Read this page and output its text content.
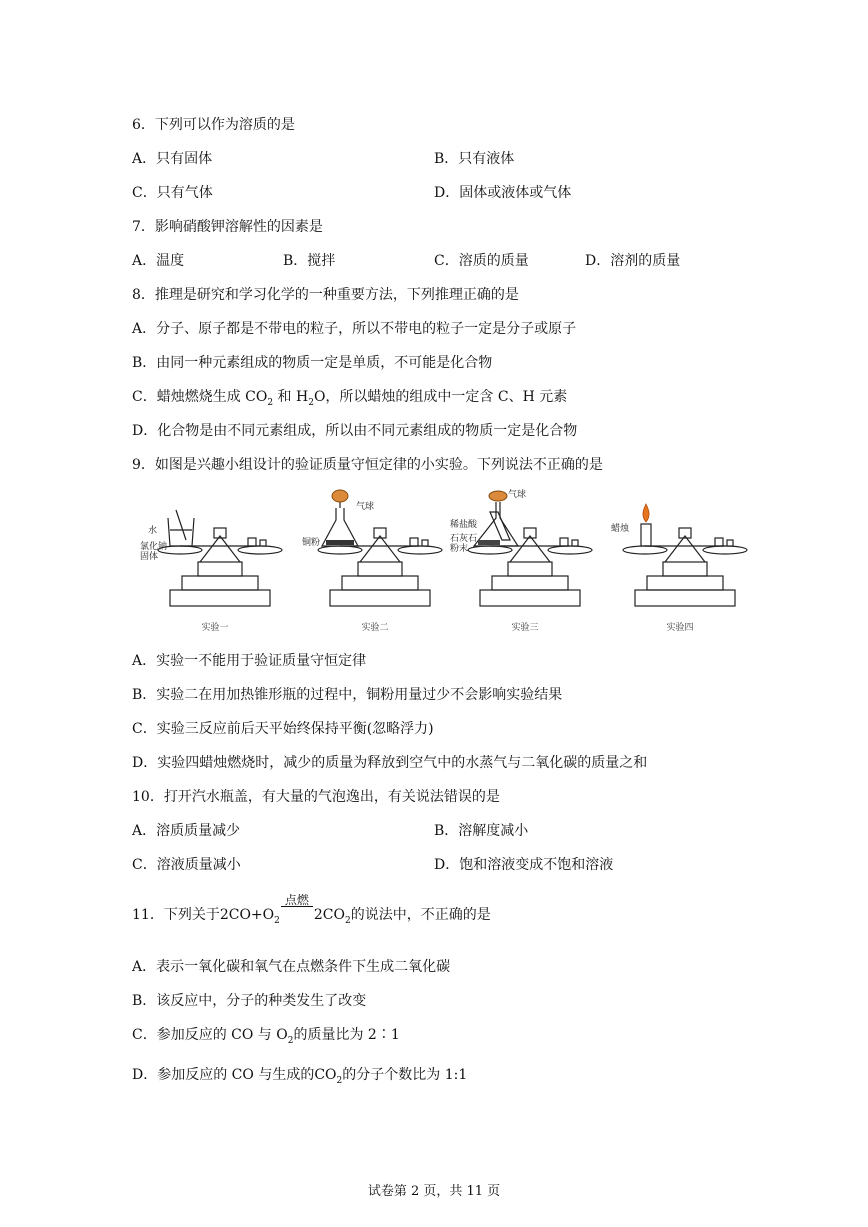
6．下列可以作为溶质的是
A．只有固体	B．只有液体
C．只有气体	D．固体或液体或气体
7．影响硝酸钾溶解性的因素是
A．温度	B．搅拌	C．溶质的质量	D．溶剂的质量
8．推理是研究和学习化学的一种重要方法，下列推理正确的是
A．分子、原子都是不带电的粒子，所以不带电的粒子一定是分子或原子
B．由同一种元素组成的物质一定是单质，不可能是化合物
C．蜡烛燃烧生成 $CO_2$ 和 $H_2O$，所以蜡烛的组成中一定含 C、H 元素
D．化合物是由不同元素组成，所以由不同元素组成的物质一定是化合物
9．如图是兴趣小组设计的验证质量守恒定律的小实验。下列说法不正确的是
水
氯化钠
固体
实验一
气球
铜粉
实验二
气球
稀盐酸
石灰石
粉末
实验三
蜡烛
实验四
A．实验一不能用于验证质量守恒定律
B．实验二在用加热锥形瓶的过程中，铜粉用量过少不会影响实验结果
C．实验三反应前后天平始终保持平衡(忽略浮力)
D．实验四蜡烛燃烧时，减少的质量为释放到空气中的水蒸气与二氧化碳的质量之和
10．打开汽水瓶盖，有大量的气泡逸出，有关说法错误的是
A．溶质质量减少	B．溶解度减小
C．溶液质量减小	D．饱和溶液变成不饱和溶液
11．下列关于$2CO+O_2$
点燃
$2CO_2$的说法中，不正确的是
A．表示一氧化碳和氧气在点燃条件下生成二氧化碳
B．该反应中，分子的种类发生了改变
C．参加反应的 CO 与 $O_2$的质量比为 2∶1
D．参加反应的 CO 与生成的$CO_2$的分子个数比为 1:1
试卷第 2 页，共 11 页
